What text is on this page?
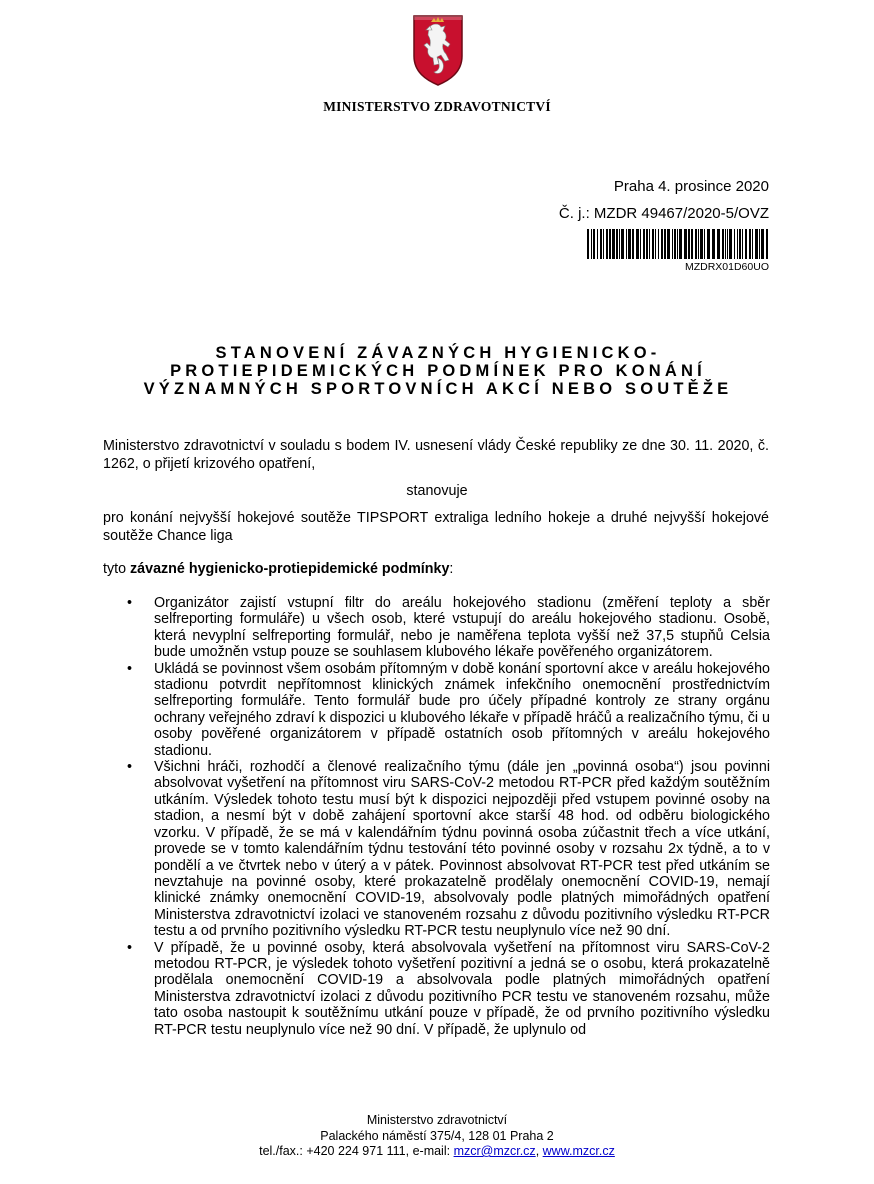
MINISTERSTVO ZDRAVOTNICTVÍ
Praha 4. prosince 2020
Č. j.: MZDR 49467/2020-5/OVZ
MZDRX01D60UO
STANOVENÍ ZÁVAZNÝCH HYGIENICKO-
PROTIEPIDEMICKÝCH PODMÍNEK PRO KONÁNÍ
VÝZNAMNÝCH SPORTOVNÍCH AKCÍ NEBO SOUTĚŽE
Ministerstvo zdravotnictví v souladu s bodem IV. usnesení vlády České republiky ze dne 30. 11. 2020, č. 1262, o přijetí krizového opatření,
stanovuje
pro konání nejvyšší hokejové soutěže TIPSPORT extraliga ledního hokeje a druhé nejvyšší hokejové soutěže Chance liga
tyto závazné hygienicko-protiepidemické podmínky:
• Organizátor zajistí vstupní filtr do areálu hokejového stadionu (změření teploty a sběr selfreporting formuláře) u všech osob, které vstupují do areálu hokejového stadionu. Osobě, která nevyplní selfreporting formulář, nebo je naměřena teplota vyšší než 37,5 stupňů Celsia bude umožněn vstup pouze se souhlasem klubového lékaře pověřeného organizátorem.
• Ukládá se povinnost všem osobám přítomným v době konání sportovní akce v areálu hokejového stadionu potvrdit nepřítomnost klinických známek infekčního onemocnění prostřednictvím selfreporting formuláře. Tento formulář bude pro účely případné kontroly ze strany orgánu ochrany veřejného zdraví k dispozici u klubového lékaře v případě hráčů a realizačního týmu, či u osoby pověřené organizátorem v případě ostatních osob přítomných v areálu hokejového stadionu.
• Všichni hráči, rozhodčí a členové realizačního týmu (dále jen „povinná osoba“) jsou povinni absolvovat vyšetření na přítomnost viru SARS-CoV-2 metodou RT-PCR před každým soutěžním utkáním. Výsledek tohoto testu musí být k dispozici nejpozději před vstupem povinné osoby na stadion, a nesmí být v době zahájení sportovní akce starší 48 hod. od odběru biologického vzorku. V případě, že se má v kalendářním týdnu povinná osoba zúčastnit třech a více utkání, provede se v tomto kalendářním týdnu testování této povinné osoby v rozsahu 2x týdně, a to v pondělí a ve čtvrtek nebo v úterý a v pátek. Povinnost absolvovat RT-PCR test před utkáním se nevztahuje na povinné osoby, které prokazatelně prodělaly onemocnění COVID-19, nemají klinické známky onemocnění COVID-19, absolvovaly podle platných mimořádných opatření Ministerstva zdravotnictví izolaci ve stanoveném rozsahu z důvodu pozitivního výsledku RT-PCR testu a od prvního pozitivního výsledku RT-PCR testu neuplynulo více než 90 dní.
• V případě, že u povinné osoby, která absolvovala vyšetření na přítomnost viru SARS-CoV-2 metodou RT-PCR, je výsledek tohoto vyšetření pozitivní a jedná se o osobu, která prokazatelně prodělala onemocnění COVID-19 a absolvovala podle platných mimořádných opatření Ministerstva zdravotnictví izolaci z důvodu pozitivního PCR testu ve stanoveném rozsahu, může tato osoba nastoupit k soutěžnímu utkání pouze v případě, že od prvního pozitivního výsledku RT-PCR testu neuplynulo více než 90 dní. V případě, že uplynulo od
Ministerstvo zdravotnictví
Palackého náměstí 375/4, 128 01 Praha 2
tel./fax.: +420 224 971 111, e-mail: mzcr@mzcr.cz, www.mzcr.cz
